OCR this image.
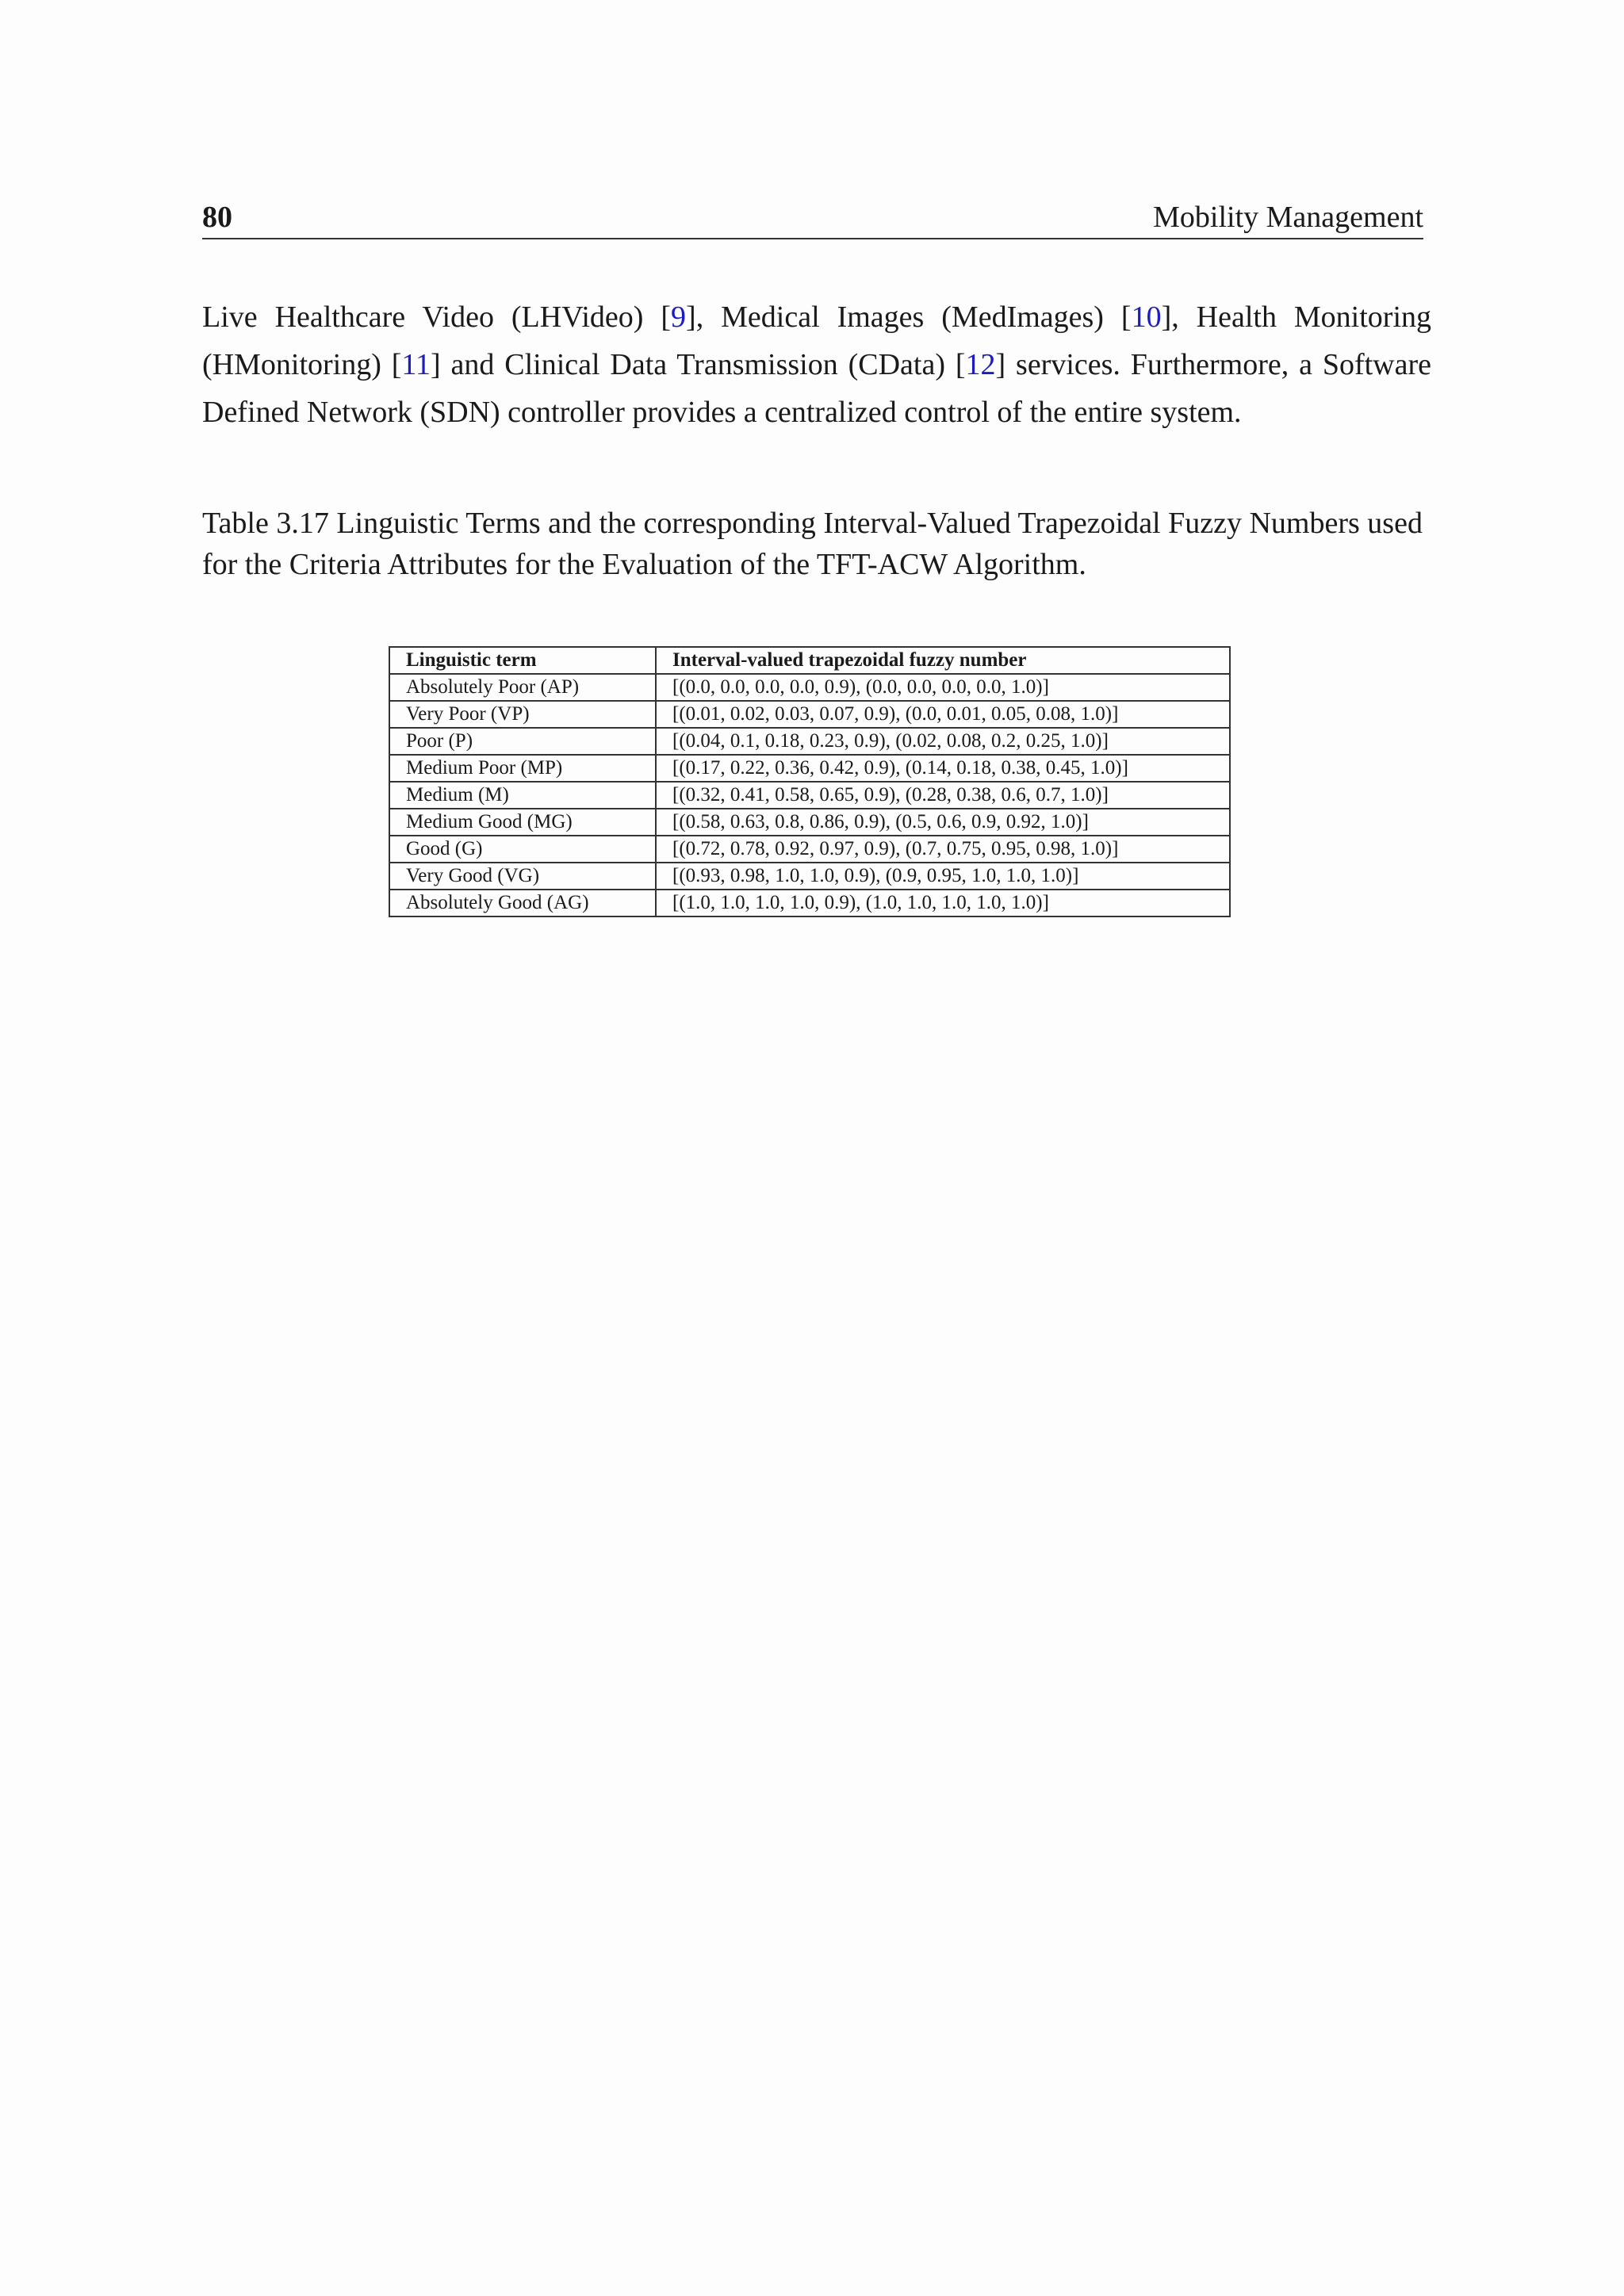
80	Mobility Management

Live Healthcare Video (LHVideo) [9], Medical Images (MedImages) [10], Health Monitoring (HMonitoring) [11] and Clinical Data Transmission (CData) [12] services. Furthermore, a Software Defined Network (SDN) controller provides a centralized control of the entire system.

Table 3.17 Linguistic Terms and the corresponding Interval-Valued Trapezoidal Fuzzy Numbers used for the Criteria Attributes for the Evaluation of the TFT-ACW Algorithm.

Linguistic term	Interval-valued trapezoidal fuzzy number
Absolutely Poor (AP)	[(0.0, 0.0, 0.0, 0.0, 0.9), (0.0, 0.0, 0.0, 0.0, 1.0)]
Very Poor (VP)	[(0.01, 0.02, 0.03, 0.07, 0.9), (0.0, 0.01, 0.05, 0.08, 1.0)]
Poor (P)	[(0.04, 0.1, 0.18, 0.23, 0.9), (0.02, 0.08, 0.2, 0.25, 1.0)]
Medium Poor (MP)	[(0.17, 0.22, 0.36, 0.42, 0.9), (0.14, 0.18, 0.38, 0.45, 1.0)]
Medium (M)	[(0.32, 0.41, 0.58, 0.65, 0.9), (0.28, 0.38, 0.6, 0.7, 1.0)]
Medium Good (MG)	[(0.58, 0.63, 0.8, 0.86, 0.9), (0.5, 0.6, 0.9, 0.92, 1.0)]
Good (G)	[(0.72, 0.78, 0.92, 0.97, 0.9), (0.7, 0.75, 0.95, 0.98, 1.0)]
Very Good (VG)	[(0.93, 0.98, 1.0, 1.0, 0.9), (0.9, 0.95, 1.0, 1.0, 1.0)]
Absolutely Good (AG)	[(1.0, 1.0, 1.0, 1.0, 0.9), (1.0, 1.0, 1.0, 1.0, 1.0)]
